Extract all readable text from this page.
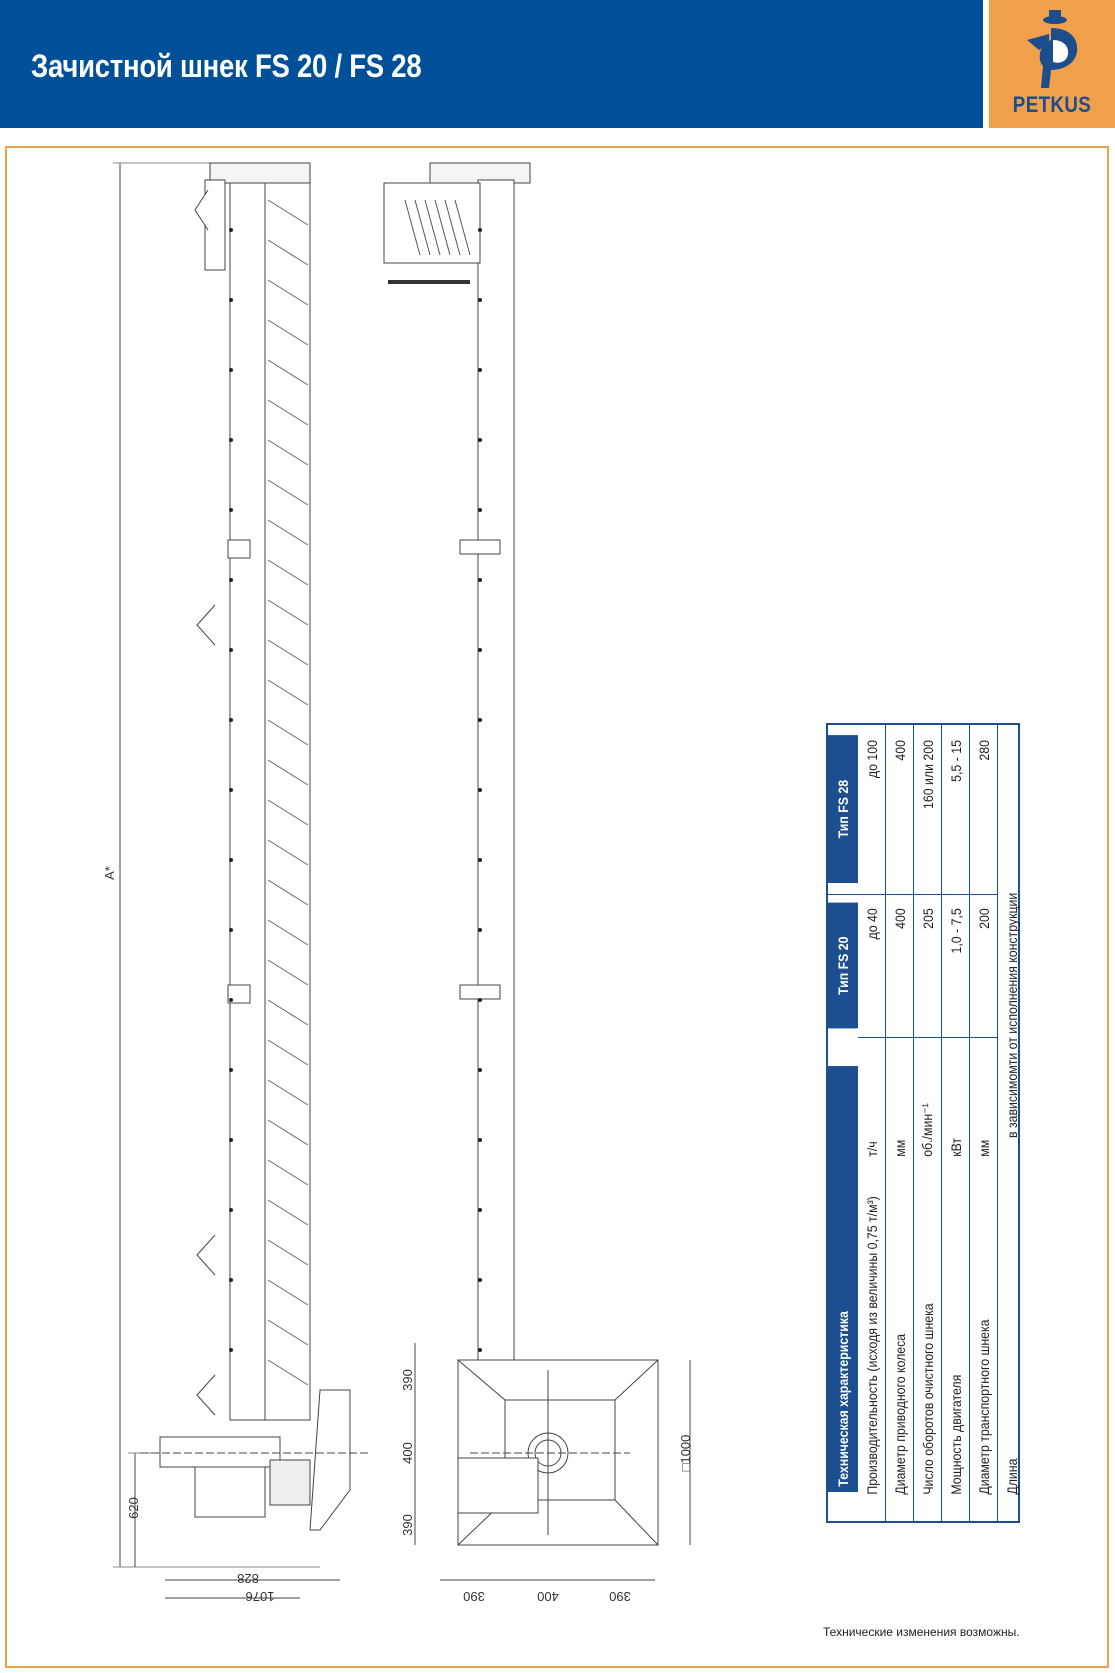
Зачистной шнек FS 20 / FS 28
PETKUS
A*
620
828
1076
390
400
390
390	400	390
□1000	Техническая характеристика		Тип FS 20	Тип FS 28
Производительность (исходя из величины 0,75 т/м³)	т/ч	до 40	до 100
Диаметр приводного колеса	мм	400	400
Число оборотов очистного шнека	об./мин⁻¹	205	160 или 200
Мощность двигателя	кВт	1,0 - 7,5	5,5 - 15
Диаметр транспортного шнека	мм	200	280
Длина	в зависимомти от исполнения конструкции		
Технические изменения возможны.
